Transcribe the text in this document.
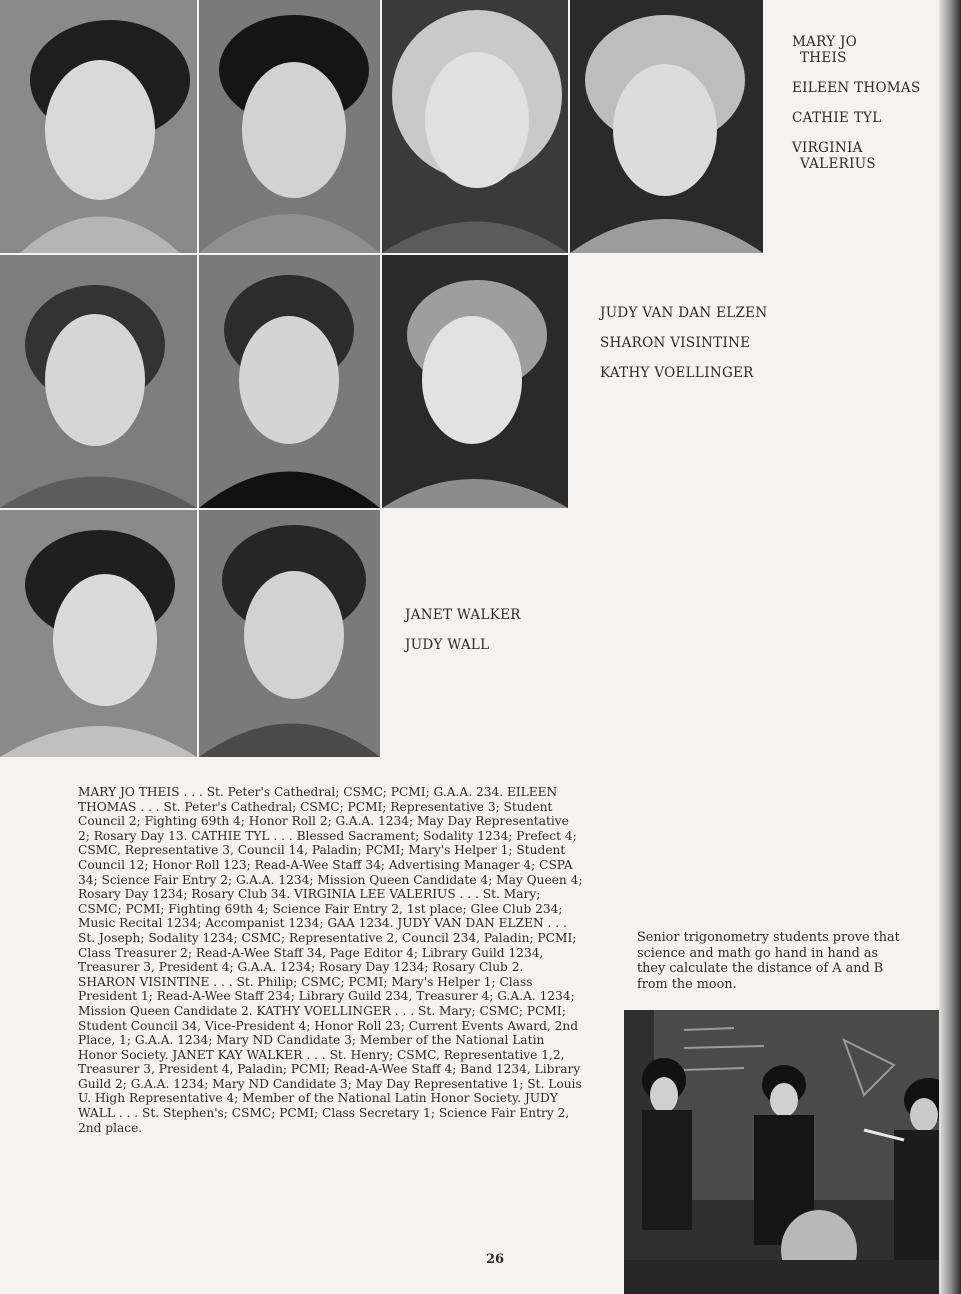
MARY JO
THEIS
EILEEN THOMAS
CATHIE TYL
VIRGINIA
VALERIUS
JUDY VAN DAN ELZEN
SHARON VISINTINE
KATHY VOELLINGER
JANET WALKER
JUDY WALL
MARY JO THEIS . . . St. Peter's Cathedral; CSMC; PCMI; G.A.A. 234. EILEEN THOMAS . . . St. Peter's Cathedral; CSMC; PCMI; Representative 3; Student Council 2; Fighting 69th 4; Honor Roll 2; G.A.A. 1234; May Day Representative 2; Rosary Day 13. CATHIE TYL . . . Blessed Sacrament; Sodality 1234; Prefect 4; CSMC, Representative 3, Council 14, Paladin; PCMI; Mary's Helper 1; Student Council 12; Honor Roll 123; Read-A-Wee Staff 34; Advertising Manager 4; CSPA 34; Science Fair Entry 2; G.A.A. 1234; Mission Queen Candidate 4; May Queen 4; Rosary Day 1234; Rosary Club 34. VIRGINIA LEE VALERIUS . . . St. Mary; CSMC; PCMI; Fighting 69th 4; Science Fair Entry 2, 1st place; Glee Club 234; Music Recital 1234; Accompanist 1234; GAA 1234. JUDY VAN DAN ELZEN . . . St. Joseph; Sodality 1234; CSMC; Representative 2, Council 234, Paladin; PCMI; Class Treasurer 2; Read-A-Wee Staff 34, Page Editor 4; Library Guild 1234, Treasurer 3, President 4; G.A.A. 1234; Rosary Day 1234; Rosary Club 2. SHARON VISINTINE . . . St. Philip; CSMC; PCMI; Mary's Helper 1; Class President 1; Read-A-Wee Staff 234; Library Guild 234, Treasurer 4; G.A.A. 1234; Mission Queen Candidate 2. KATHY VOELLINGER . . . St. Mary; CSMC; PCMI; Student Council 34, Vice-President 4; Honor Roll 23; Current Events Award, 2nd Place, 1; G.A.A. 1234; Mary ND Candidate 3; Member of the National Latin Honor Society. JANET KAY WALKER . . . St. Henry; CSMC, Representative 1,2, Treasurer 3, President 4, Paladin; PCMI; Read-A-Wee Staff 4; Band 1234, Library Guild 2; G.A.A. 1234; Mary ND Candidate 3; May Day Representative 1; St. Louis U. High Representative 4; Member of the National Latin Honor Society. JUDY WALL . . . St. Stephen's; CSMC; PCMI; Class Secretary 1; Science Fair Entry 2, 2nd place.
Senior trigonometry students prove that science and math go hand in hand as they calculate the distance of A and B from the moon.
26
